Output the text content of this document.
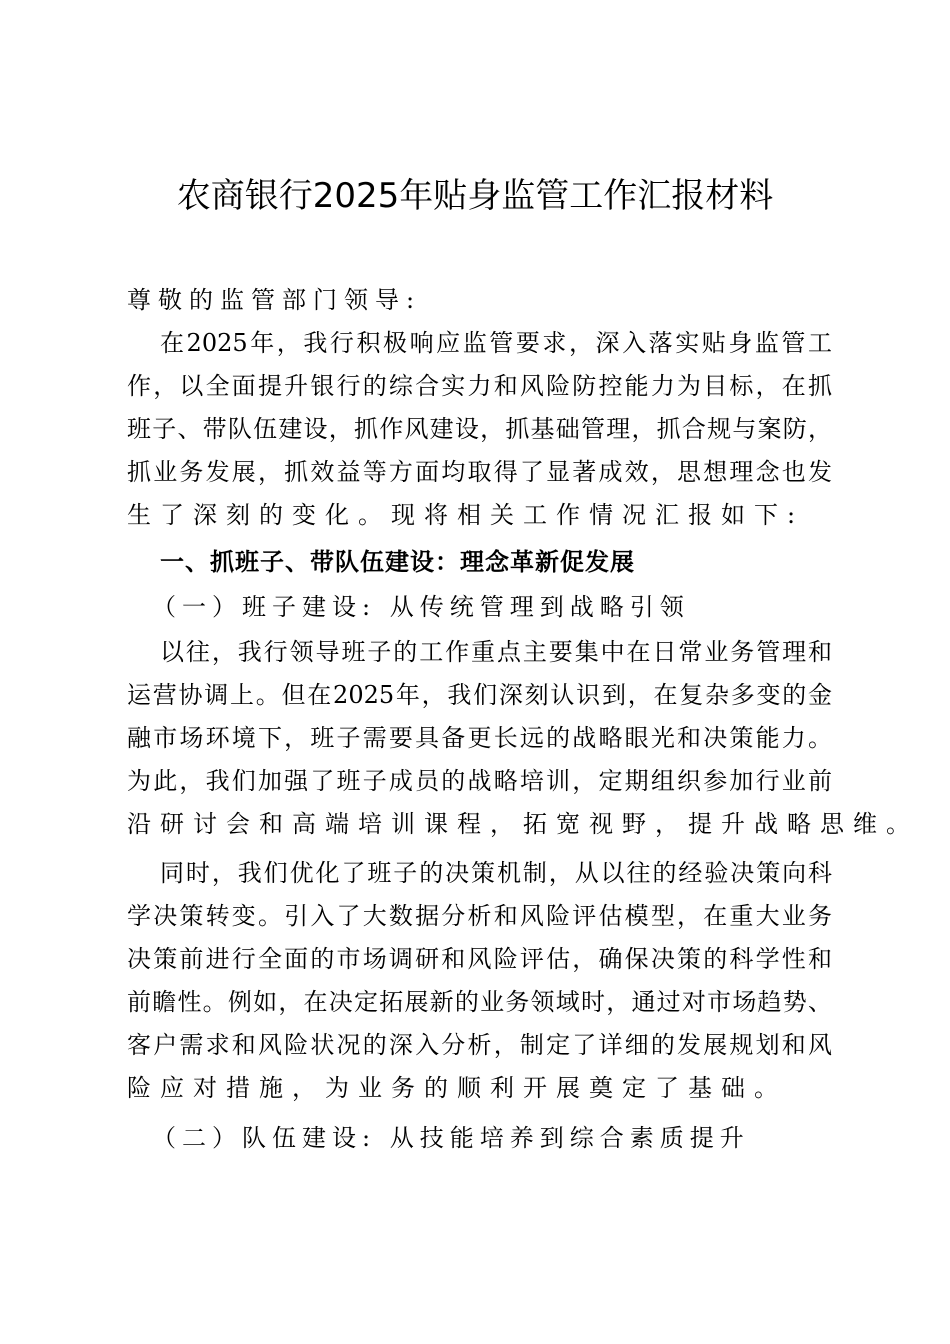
农商银行2025年贴身监管工作汇报材料
尊敬的监管部门领导:
在2025年，我行积极响应监管要求，深入落实贴身监管工
作，以全面提升银行的综合实力和风险防控能力为目标，在抓
班子、带队伍建设，抓作风建设，抓基础管理，抓合规与案防，
抓业务发展，抓效益等方面均取得了显著成效，思想理念也发
生了深刻的变化。现将相关工作情况汇报如下:
一、抓班子、带队伍建设：理念革新促发展
（一）班子建设: 从传统管理到战略引领
以往，我行领导班子的工作重点主要集中在日常业务管理和
运营协调上。但在2025年，我们深刻认识到，在复杂多变的金
融市场环境下，班子需要具备更长远的战略眼光和决策能力。
为此，我们加强了班子成员的战略培训，定期组织参加行业前
沿研讨会和高端培训课程，拓宽视野，提升战略思维。
同时，我们优化了班子的决策机制，从以往的经验决策向科
学决策转变。引入了大数据分析和风险评估模型，在重大业务
决策前进行全面的市场调研和风险评估，确保决策的科学性和
前瞻性。例如，在决定拓展新的业务领域时，通过对市场趋势、
客户需求和风险状况的深入分析，制定了详细的发展规划和风
险应对措施，为业务的顺利开展奠定了基础。
（二）队伍建设: 从技能培养到综合素质提升
